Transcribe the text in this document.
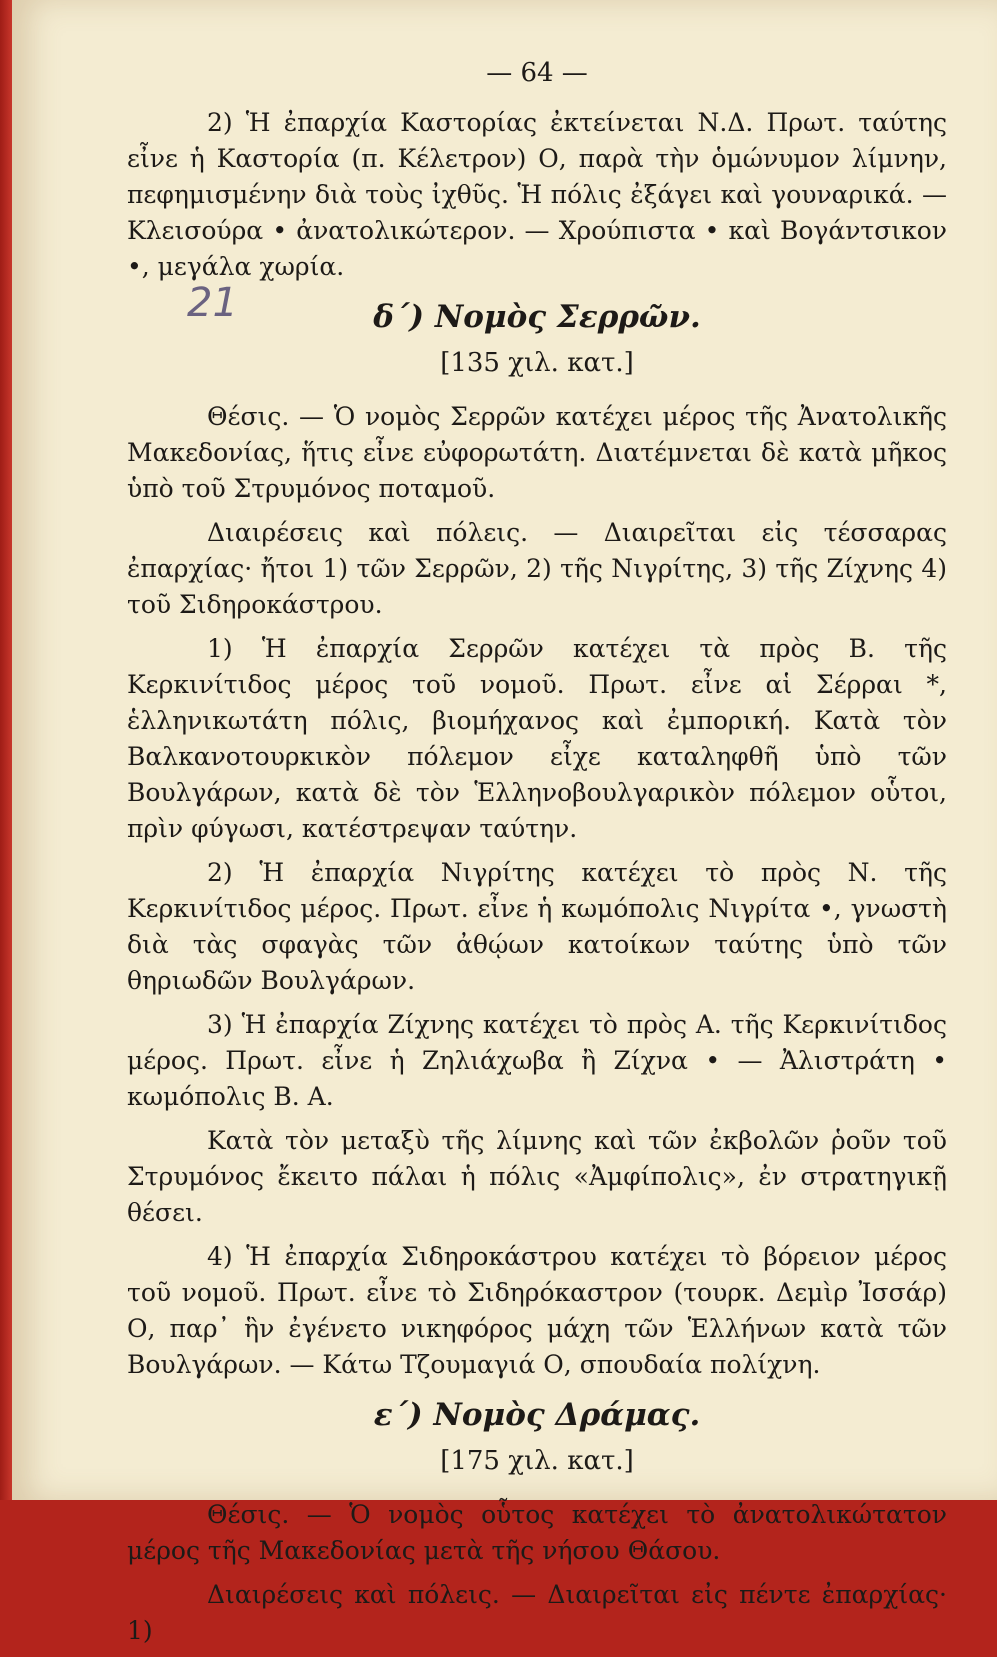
21
— 64 —

2) Ἡ ἐπαρχία Καστορίας ἐκτείνεται Ν.Δ. Πρωτ. ταύτης εἶνε ἡ Καστορία (π. Κέλετρον) Ο, παρὰ τὴν ὁμώνυμον λίμνην, πεφημισμένην διὰ τοὺς ἰχθῦς. Ἡ πόλις ἐξάγει καὶ γουναρικά. — Κλεισούρα • ἀνατολικώτερον. — Χρούπιστα • καὶ Βογάντσικον •, μεγάλα χωρία.

δ΄) Νομὸς Σερρῶν.
[135 χιλ. κατ.]

Θέσις. — Ὁ νομὸς Σερρῶν κατέχει μέρος τῆς Ἀνατολικῆς Μακεδονίας, ἥτις εἶνε εὐφορωτάτη. Διατέμνεται δὲ κατὰ μῆκος ὑπὸ τοῦ Στρυμόνος ποταμοῦ.

Διαιρέσεις καὶ πόλεις. — Διαιρεῖται εἰς τέσσαρας ἐπαρχίας· ἤτοι 1) τῶν Σερρῶν, 2) τῆς Νιγρίτης, 3) τῆς Ζίχνης 4) τοῦ Σιδηροκάστρου.

1) Ἡ ἐπαρχία Σερρῶν κατέχει τὰ πρὸς Β. τῆς Κερκινίτιδος μέρος τοῦ νομοῦ. Πρωτ. εἶνε αἱ Σέρραι *, ἑλληνικωτάτη πόλις, βιομήχανος καὶ ἐμπορική. Κατὰ τὸν Βαλκανοτουρκικὸν πόλεμον εἶχε καταληφθῆ ὑπὸ τῶν Βουλγάρων, κατὰ δὲ τὸν Ἑλληνοβουλγαρικὸν πόλεμον οὗτοι, πρὶν φύγωσι, κατέστρεψαν ταύτην.

2) Ἡ ἐπαρχία Νιγρίτης κατέχει τὸ πρὸς Ν. τῆς Κερκινίτιδος μέρος. Πρωτ. εἶνε ἡ κωμόπολις Νιγρίτα •, γνωστὴ διὰ τὰς σφαγὰς τῶν ἀθῴων κατοίκων ταύτης ὑπὸ τῶν θηριωδῶν Βουλγάρων.

3) Ἡ ἐπαρχία Ζίχνης κατέχει τὸ πρὸς Α. τῆς Κερκινίτιδος μέρος. Πρωτ. εἶνε ἡ Ζηλιάχωβα ἢ Ζίχνα • — Ἀλιστράτη • κωμόπολις Β. Α.

Κατὰ τὸν μεταξὺ τῆς λίμνης καὶ τῶν ἐκβολῶν ῥοῦν τοῦ Στρυμόνος ἔκειτο πάλαι ἡ πόλις «Ἀμφίπολις», ἐν στρατηγικῇ θέσει.

4) Ἡ ἐπαρχία Σιδηροκάστρου κατέχει τὸ βόρειον μέρος τοῦ νομοῦ. Πρωτ. εἶνε τὸ Σιδηρόκαστρον (τουρκ. Δεμὶρ Ἰσσάρ) Ο, παρ᾽ ἣν ἐγένετο νικηφόρος μάχη τῶν Ἑλλήνων κατὰ τῶν Βουλγάρων. — Κάτω Τζουμαγιά Ο, σπουδαία πολίχνη.

ε΄) Νομὸς Δράμας.
[175 χιλ. κατ.]

Θέσις. — Ὁ νομὸς οὗτος κατέχει τὸ ἀνατολικώτατον μέρος τῆς Μακεδονίας μετὰ τῆς νήσου Θάσου.

Διαιρέσεις καὶ πόλεις. — Διαιρεῖται εἰς πέντε ἐπαρχίας· 1)
